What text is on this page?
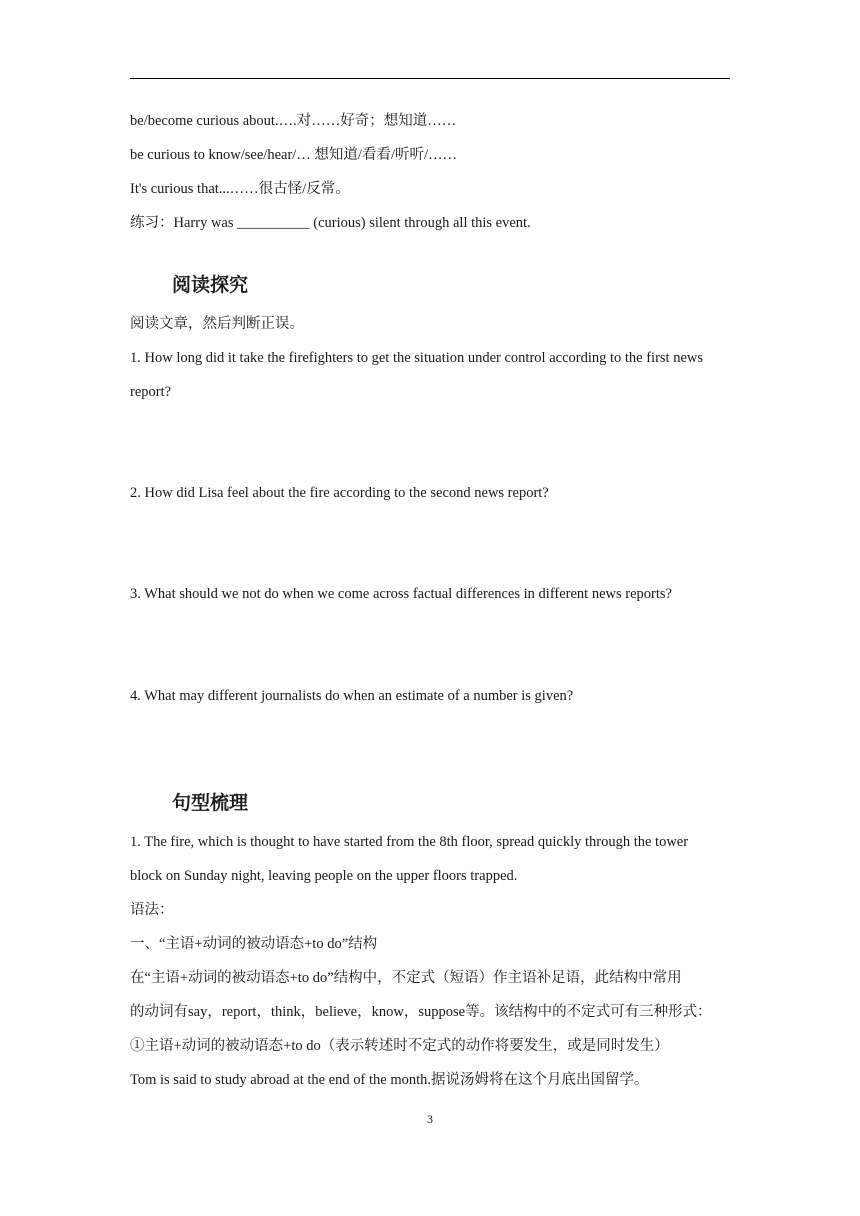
be/become curious about.….对……好奇；想知道……
be curious to know/see/hear/… 想知道/看看/听听/……
It's curious that...……很古怪/反常。
练习：Harry was __________ (curious) silent through all this event.
阅读探究
阅读文章，然后判断正误。
1. How long did it take the firefighters to get the situation under control according to the first news
report?
2. How did Lisa feel about the fire according to the second news report?
3. What should we not do when we come across factual differences in different news reports?
4. What may different journalists do when an estimate of a number is given?
句型梳理
1. The fire, which is thought to have started from the 8th floor, spread quickly through the tower
block on Sunday night, leaving people on the upper floors trapped.
语法：
一、“主语+动词的被动语态+to do”结构
在“主语+动词的被动语态+to do”结构中，不定式（短语）作主语补足语，此结构中常用
的动词有say，report，think，believe，know，suppose等。该结构中的不定式可有三种形式：
①主语+动词的被动语态+to do（表示转述时不定式的动作将要发生，或是同时发生）
Tom is said to study abroad at the end of the month.据说汤姆将在这个月底出国留学。
3
